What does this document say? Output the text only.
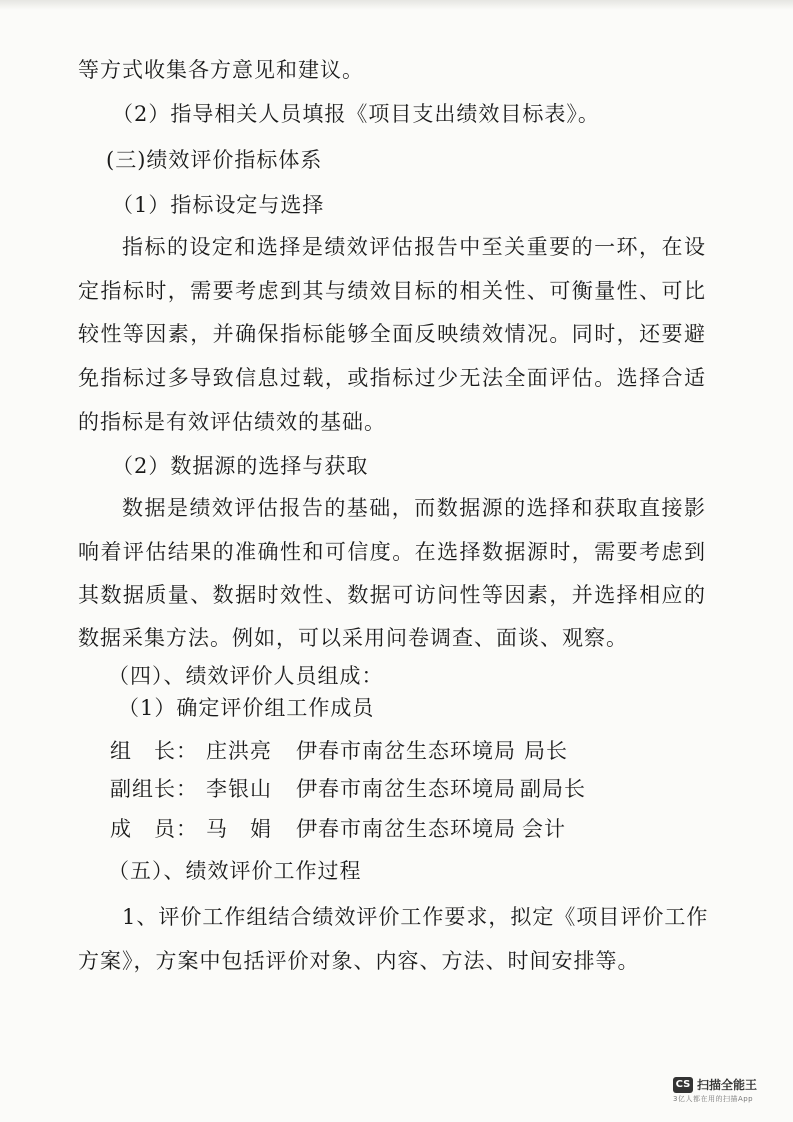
ﾠ
等方式收集各方意见和建议。
（2）指导相关人员填报《项目支出绩效目标表》。
(三)绩效评价指标体系
（1）指标设定与选择
指标的设定和选择是绩效评估报告中至关重要的一环，在设
定指标时，需要考虑到其与绩效目标的相关性、可衡量性、可比
较性等因素，并确保指标能够全面反映绩效情况。同时，还要避
免指标过多导致信息过载，或指标过少无法全面评估。选择合适
的指标是有效评估绩效的基础。
（2）数据源的选择与获取
数据是绩效评估报告的基础，而数据源的选择和获取直接影
响着评估结果的准确性和可信度。在选择数据源时，需要考虑到
其数据质量、数据时效性、数据可访问性等因素，并选择相应的
数据采集方法。例如，可以采用问卷调查、面谈、观察。
（四）、绩效评价人员组成：
（1）确定评价组工作成员
组　长： 庄洪亮 伊春市南岔生态环境局 局长
副组长： 李银山 伊春市南岔生态环境局 副局长
成　员： 马　娟 伊春市南岔生态环境局 会计
（五）、绩效评价工作过程
1、评价工作组结合绩效评价工作要求，拟定《项目评价工作
方案》，方案中包括评价对象、内容、方法、时间安排等。
CS 扫描全能王
3亿人都在用的扫描App
